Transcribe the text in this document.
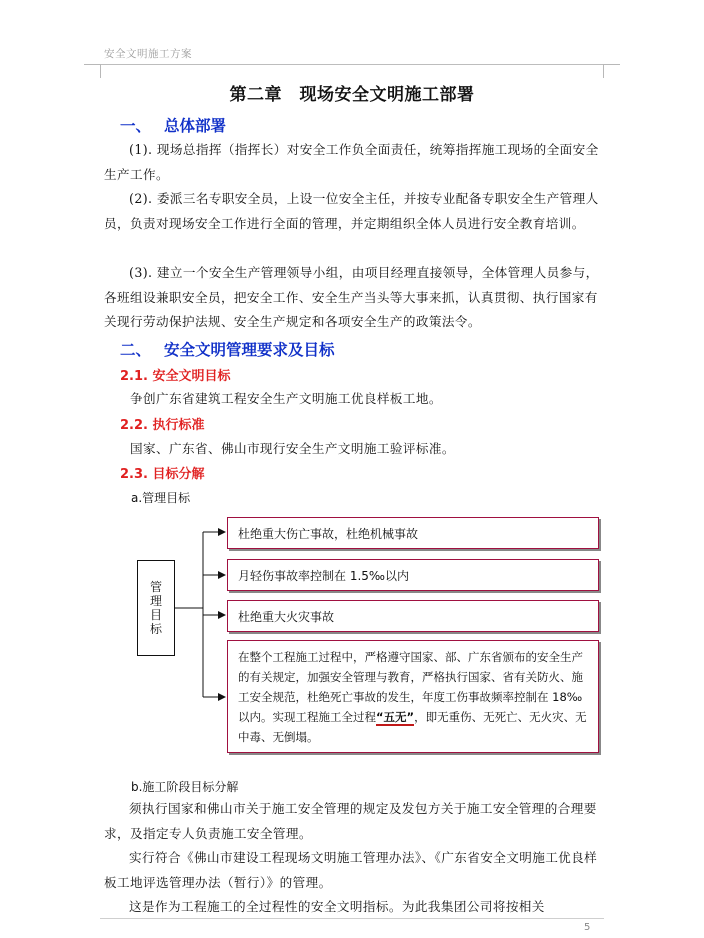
安全文明施工方案
第二章　现场安全文明施工部署
一、 总体部署

(1). 现场总指挥（指挥长）对安全工作负全面责任，统筹指挥施工现场的全面安全生产工作。

(2). 委派三名专职安全员，上设一位安全主任，并按专业配备专职安全生产管理人员，负责对现场安全工作进行全面的管理，并定期组织全体人员进行安全教育培训。

(3). 建立一个安全生产管理领导小组，由项目经理直接领导，全体管理人员参与，各班组设兼职安全员，把安全工作、安全生产当头等大事来抓，认真贯彻、执行国家有关现行劳动保护法规、安全生产规定和各项安全生产的政策法令。

二、 安全文明管理要求及目标
2.1. 安全文明目标
争创广东省建筑工程安全生产文明施工优良样板工地。
2.2. 执行标准
国家、广东省、佛山市现行安全生产文明施工验评标准。
2.3. 目标分解
a.管理目标
管
理
目
标
杜绝重大伤亡事故，杜绝机械事故
月轻伤事故率控制在 1.5‰以内
杜绝重大火灾事故
在整个工程施工过程中，严格遵守国家、部、广东省颁布的安全生产的有关规定，加强安全管理与教育，严格执行国家、省有关防火、施工安全规范，杜绝死亡事故的发生，年度工伤事故频率控制在 18‰以内。实现工程施工全过程“五无”，即无重伤、无死亡、无火灾、无中毒、无倒塌。
b.施工阶段目标分解

须执行国家和佛山市关于施工安全管理的规定及发包方关于施工安全管理的合理要求，及指定专人负责施工安全管理。

实行符合《佛山市建设工程现场文明施工管理办法》、《广东省安全文明施工优良样板工地评选管理办法（暂行）》的管理。

这是作为工程施工的全过程性的安全文明指标。为此我集团公司将按相关

5
